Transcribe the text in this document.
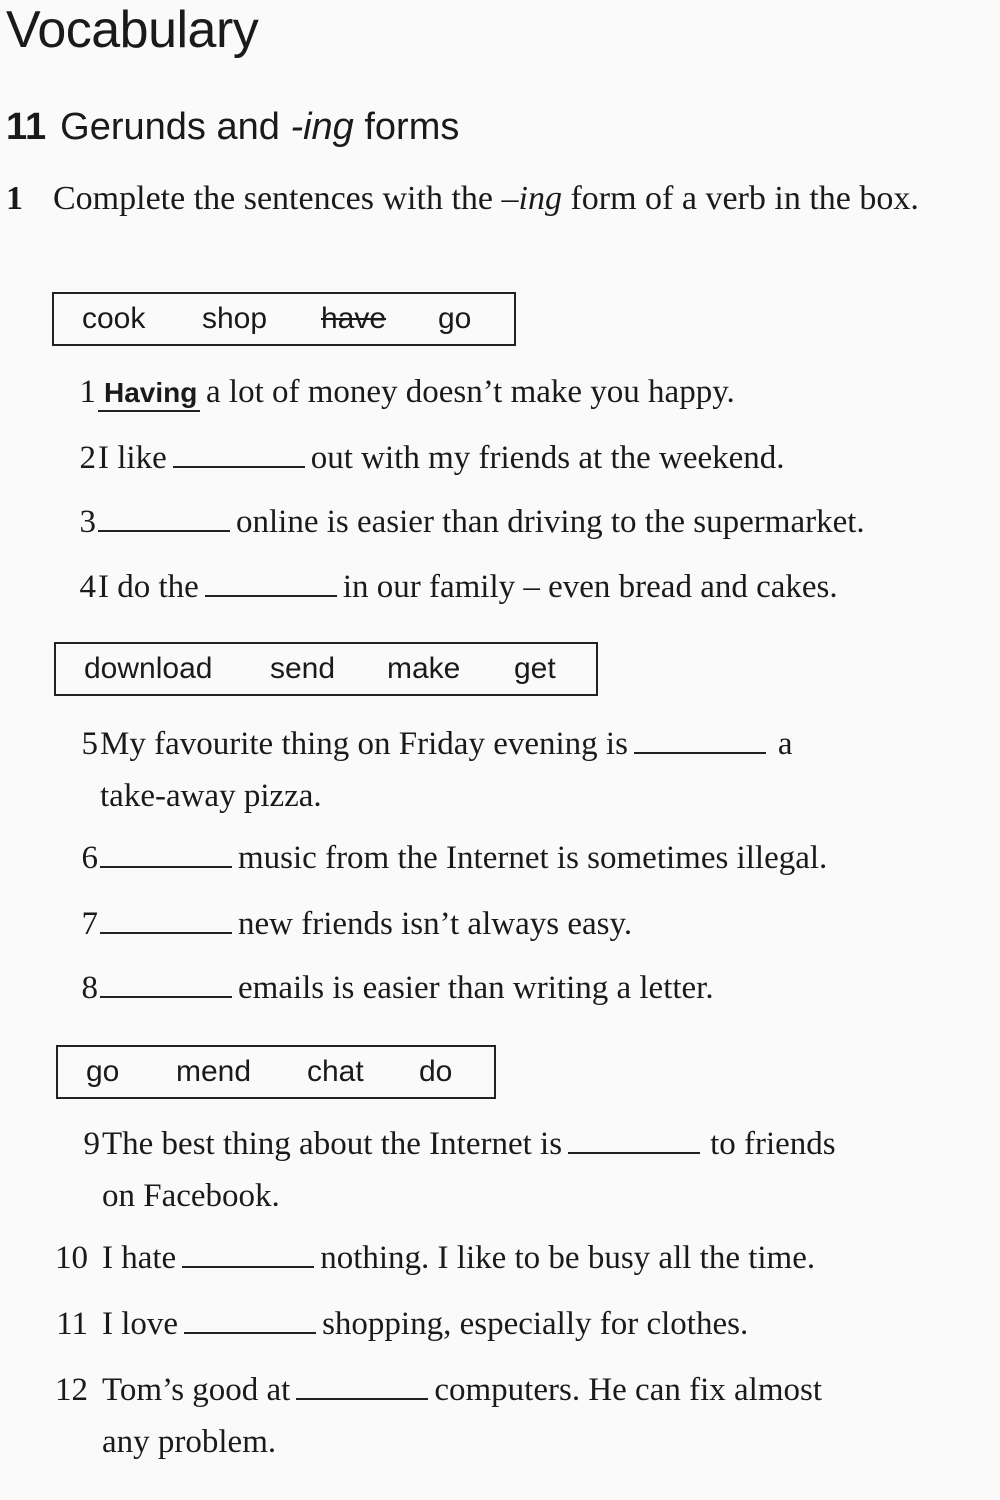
Vocabulary
11 Gerunds and -ing forms
1 Complete the sentences with the –ing form of a verb in the box.
cook	shop	have	go
1 Having a lot of money doesn’t make you happy.
2 I like	out with my friends at the weekend.
3	online is easier than driving to the supermarket.
4 I do the	in our family – even bread and cakes.
download	send	make	get
5 My favourite thing on Friday evening is	a
take-away pizza.
6	music from the Internet is sometimes illegal.
7	new friends isn’t always easy.
8	emails is easier than writing a letter.
go	mend	chat	do
9 The best thing about the Internet is	to friends
on Facebook.
10 I hate	nothing. I like to be busy all the time.
11 I love	shopping, especially for clothes.
12 Tom’s good at	computers. He can fix almost
any problem.
